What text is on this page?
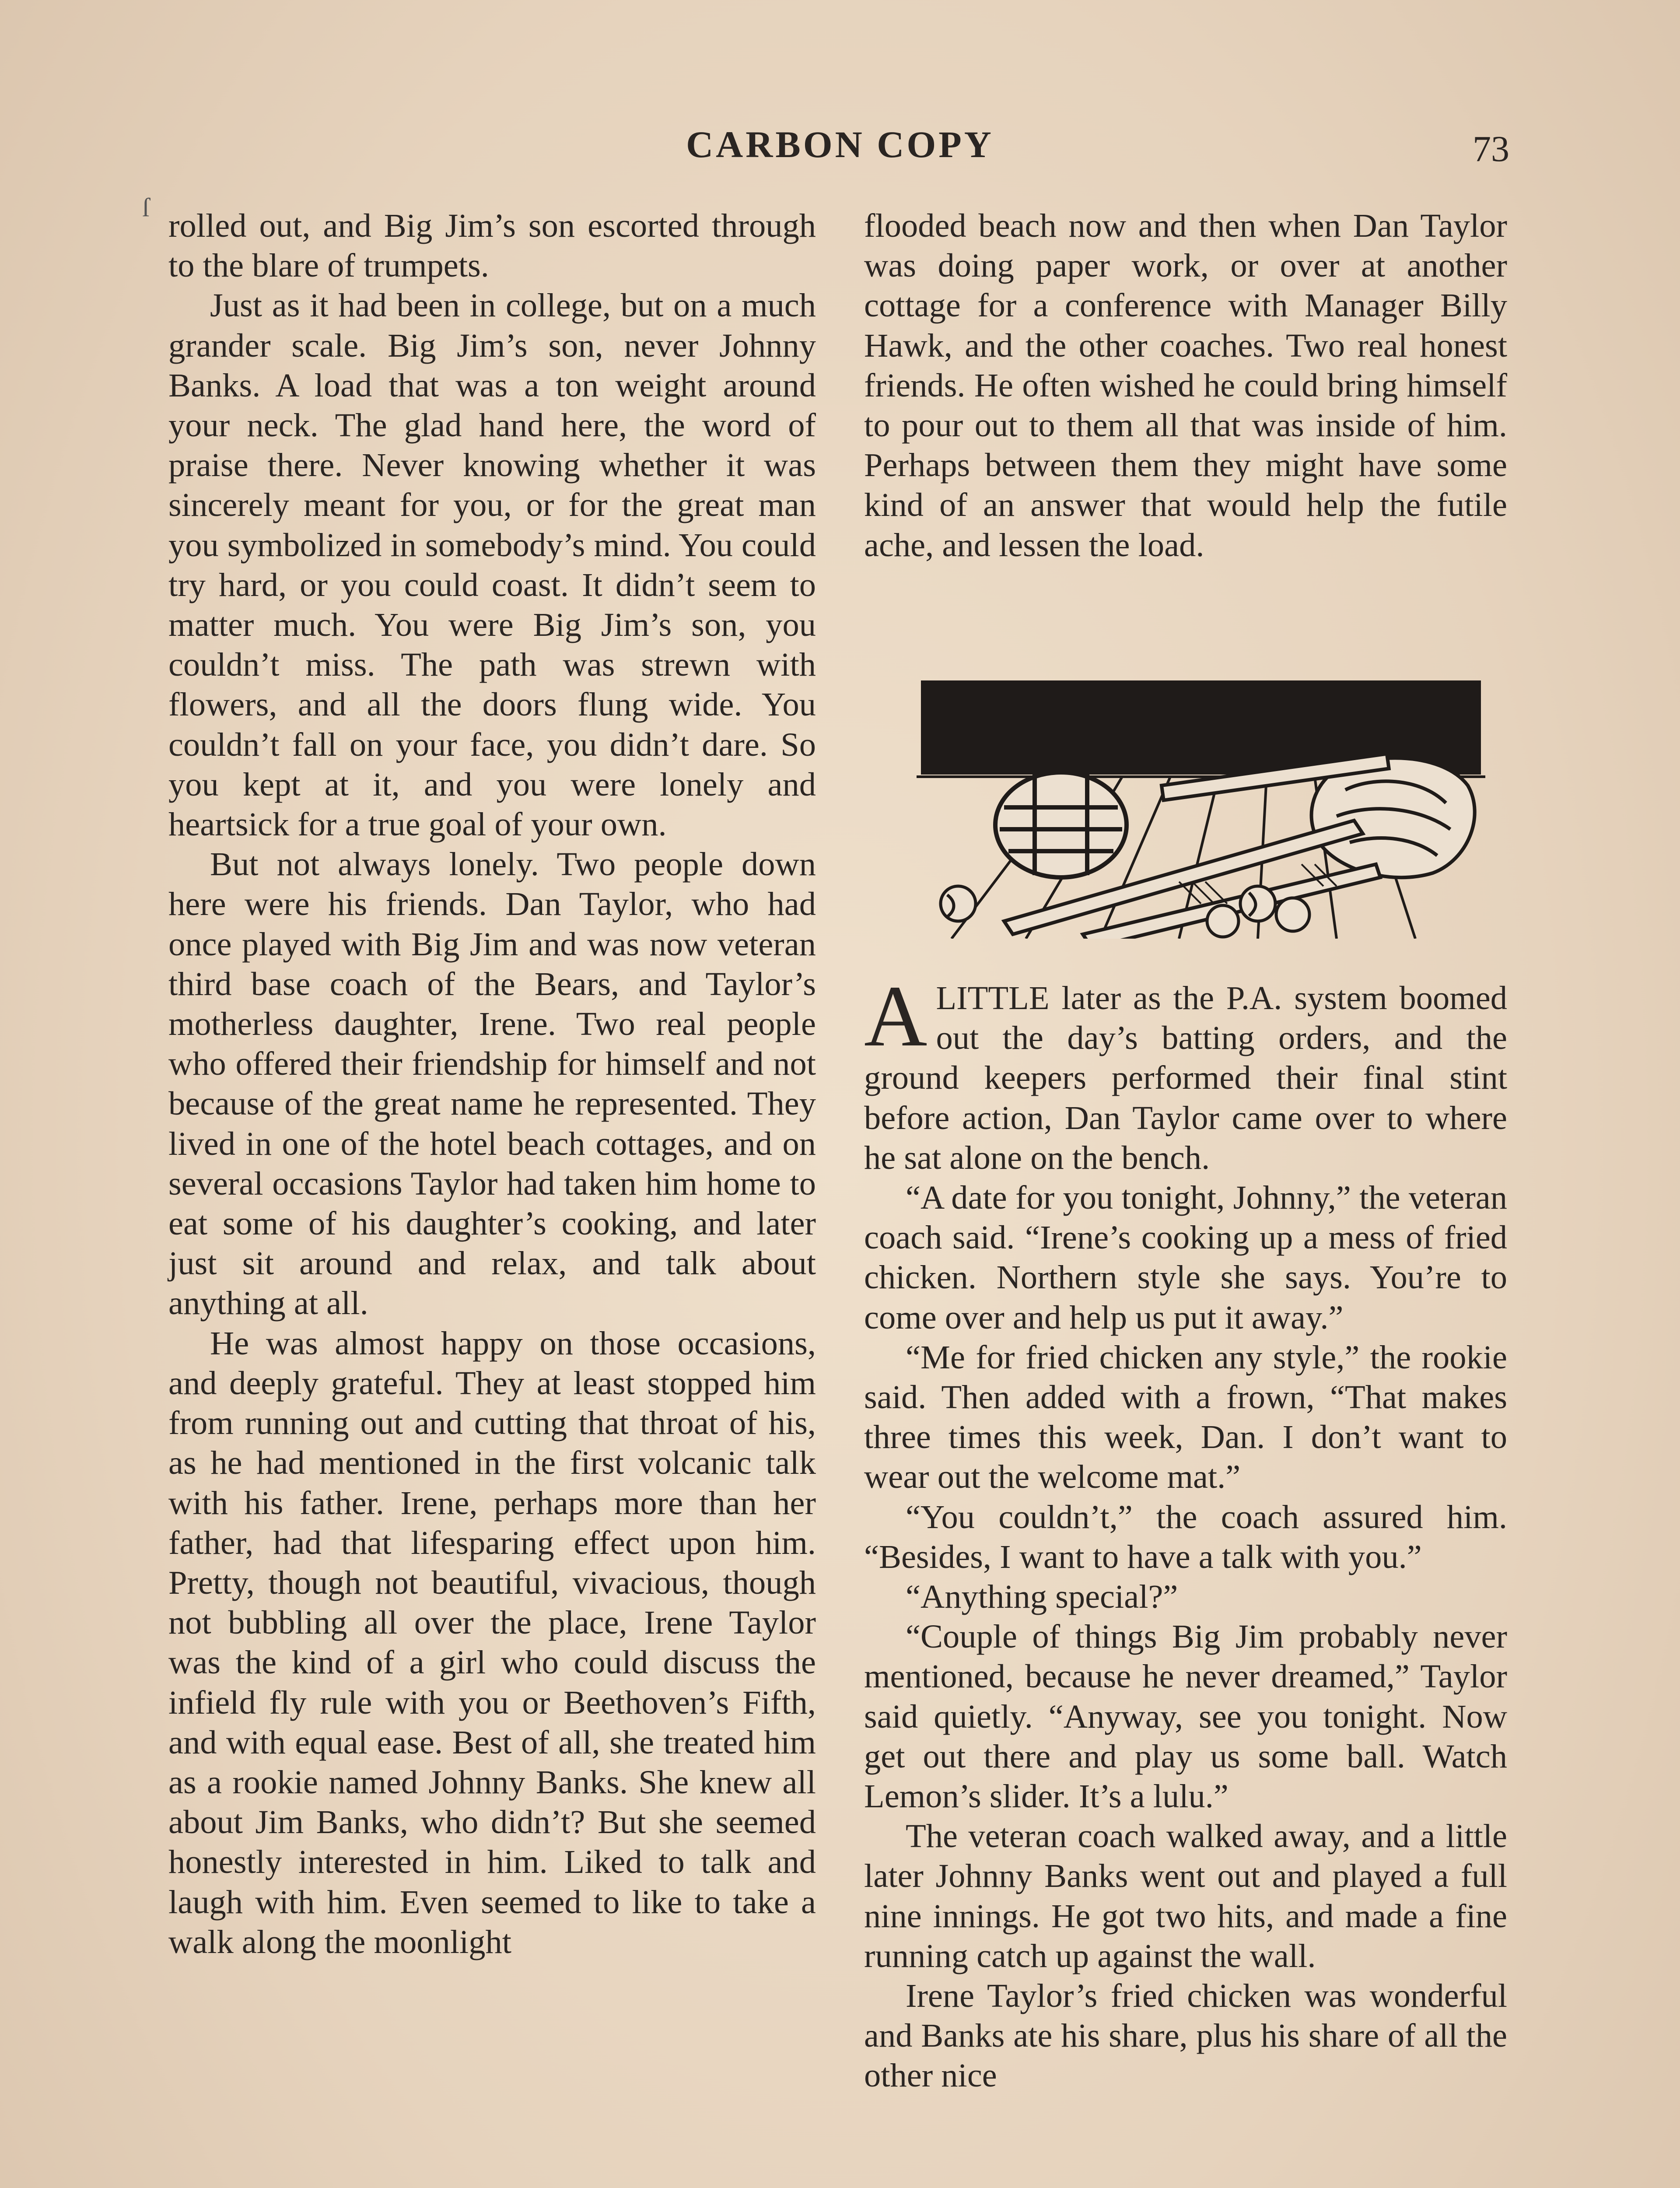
CARBON COPY	73
ſ rolled out, and Big Jim’s son escorted through to the blare of trumpets.

Just as it had been in college, but on a much grander scale. Big Jim’s son, never Johnny Banks. A load that was a ton weight around your neck. The glad hand here, the word of praise there. Never knowing whether it was sincerely meant for you, or for the great man you symbolized in somebody’s mind. You could try hard, or you could coast. It didn’t seem to matter much. You were Big Jim’s son, you couldn’t miss. The path was strewn with flowers, and all the doors flung wide. You couldn’t fall on your face, you didn’t dare. So you kept at it, and you were lonely and heartsick for a true goal of your own.

But not always lonely. Two people down here were his friends. Dan Taylor, who had once played with Big Jim and was now veteran third base coach of the Bears, and Taylor’s motherless daughter, Irene. Two real people who offered their friendship for himself and not because of the great name he represented. They lived in one of the hotel beach cottages, and on several occasions Taylor had taken him home to eat some of his daughter’s cooking, and later just sit around and relax, and talk about anything at all.

He was almost happy on those occasions, and deeply grateful. They at least stopped him from running out and cutting that throat of his, as he had mentioned in the first volcanic talk with his father. Irene, perhaps more than her father, had that lifesparing effect upon him. Pretty, though not beautiful, vivacious, though not bubbling all over the place, Irene Taylor was the kind of a girl who could discuss the infield fly rule with you or Beethoven’s Fifth, and with equal ease. Best of all, she treated him as a rookie named Johnny Banks. She knew all about Jim Banks, who didn’t? But she seemed honestly interested in him. Liked to talk and laugh with him. Even seemed to like to take a walk along the moonlight

flooded beach now and then when Dan Taylor was doing paper work, or over at another cottage for a conference with Manager Billy Hawk, and the other coaches. Two real honest friends. He often wished he could bring himself to pour out to them all that was inside of him. Perhaps between them they might have some kind of an answer that would help the futile ache, and lessen the load.

ALITTLE later as the P.A. system boomed out the day’s batting orders, and the ground keepers performed their final stint before action, Dan Taylor came over to where he sat alone on the bench.

“A date for you tonight, Johnny,” the veteran coach said. “Irene’s cooking up a mess of fried chicken. Northern style she says. You’re to come over and help us put it away.”

“Me for fried chicken any style,” the rookie said. Then added with a frown, “That makes three times this week, Dan. I don’t want to wear out the welcome mat.”

“You couldn’t,” the coach assured him. “Besides, I want to have a talk with you.”

“Anything special?”

“Couple of things Big Jim probably never mentioned, because he never dreamed,” Taylor said quietly. “Anyway, see you tonight. Now get out there and play us some ball. Watch Lemon’s slider. It’s a lulu.”

The veteran coach walked away, and a little later Johnny Banks went out and played a full nine innings. He got two hits, and made a fine running catch up against the wall.

Irene Taylor’s fried chicken was wonderful and Banks ate his share, plus his share of all the other nice
